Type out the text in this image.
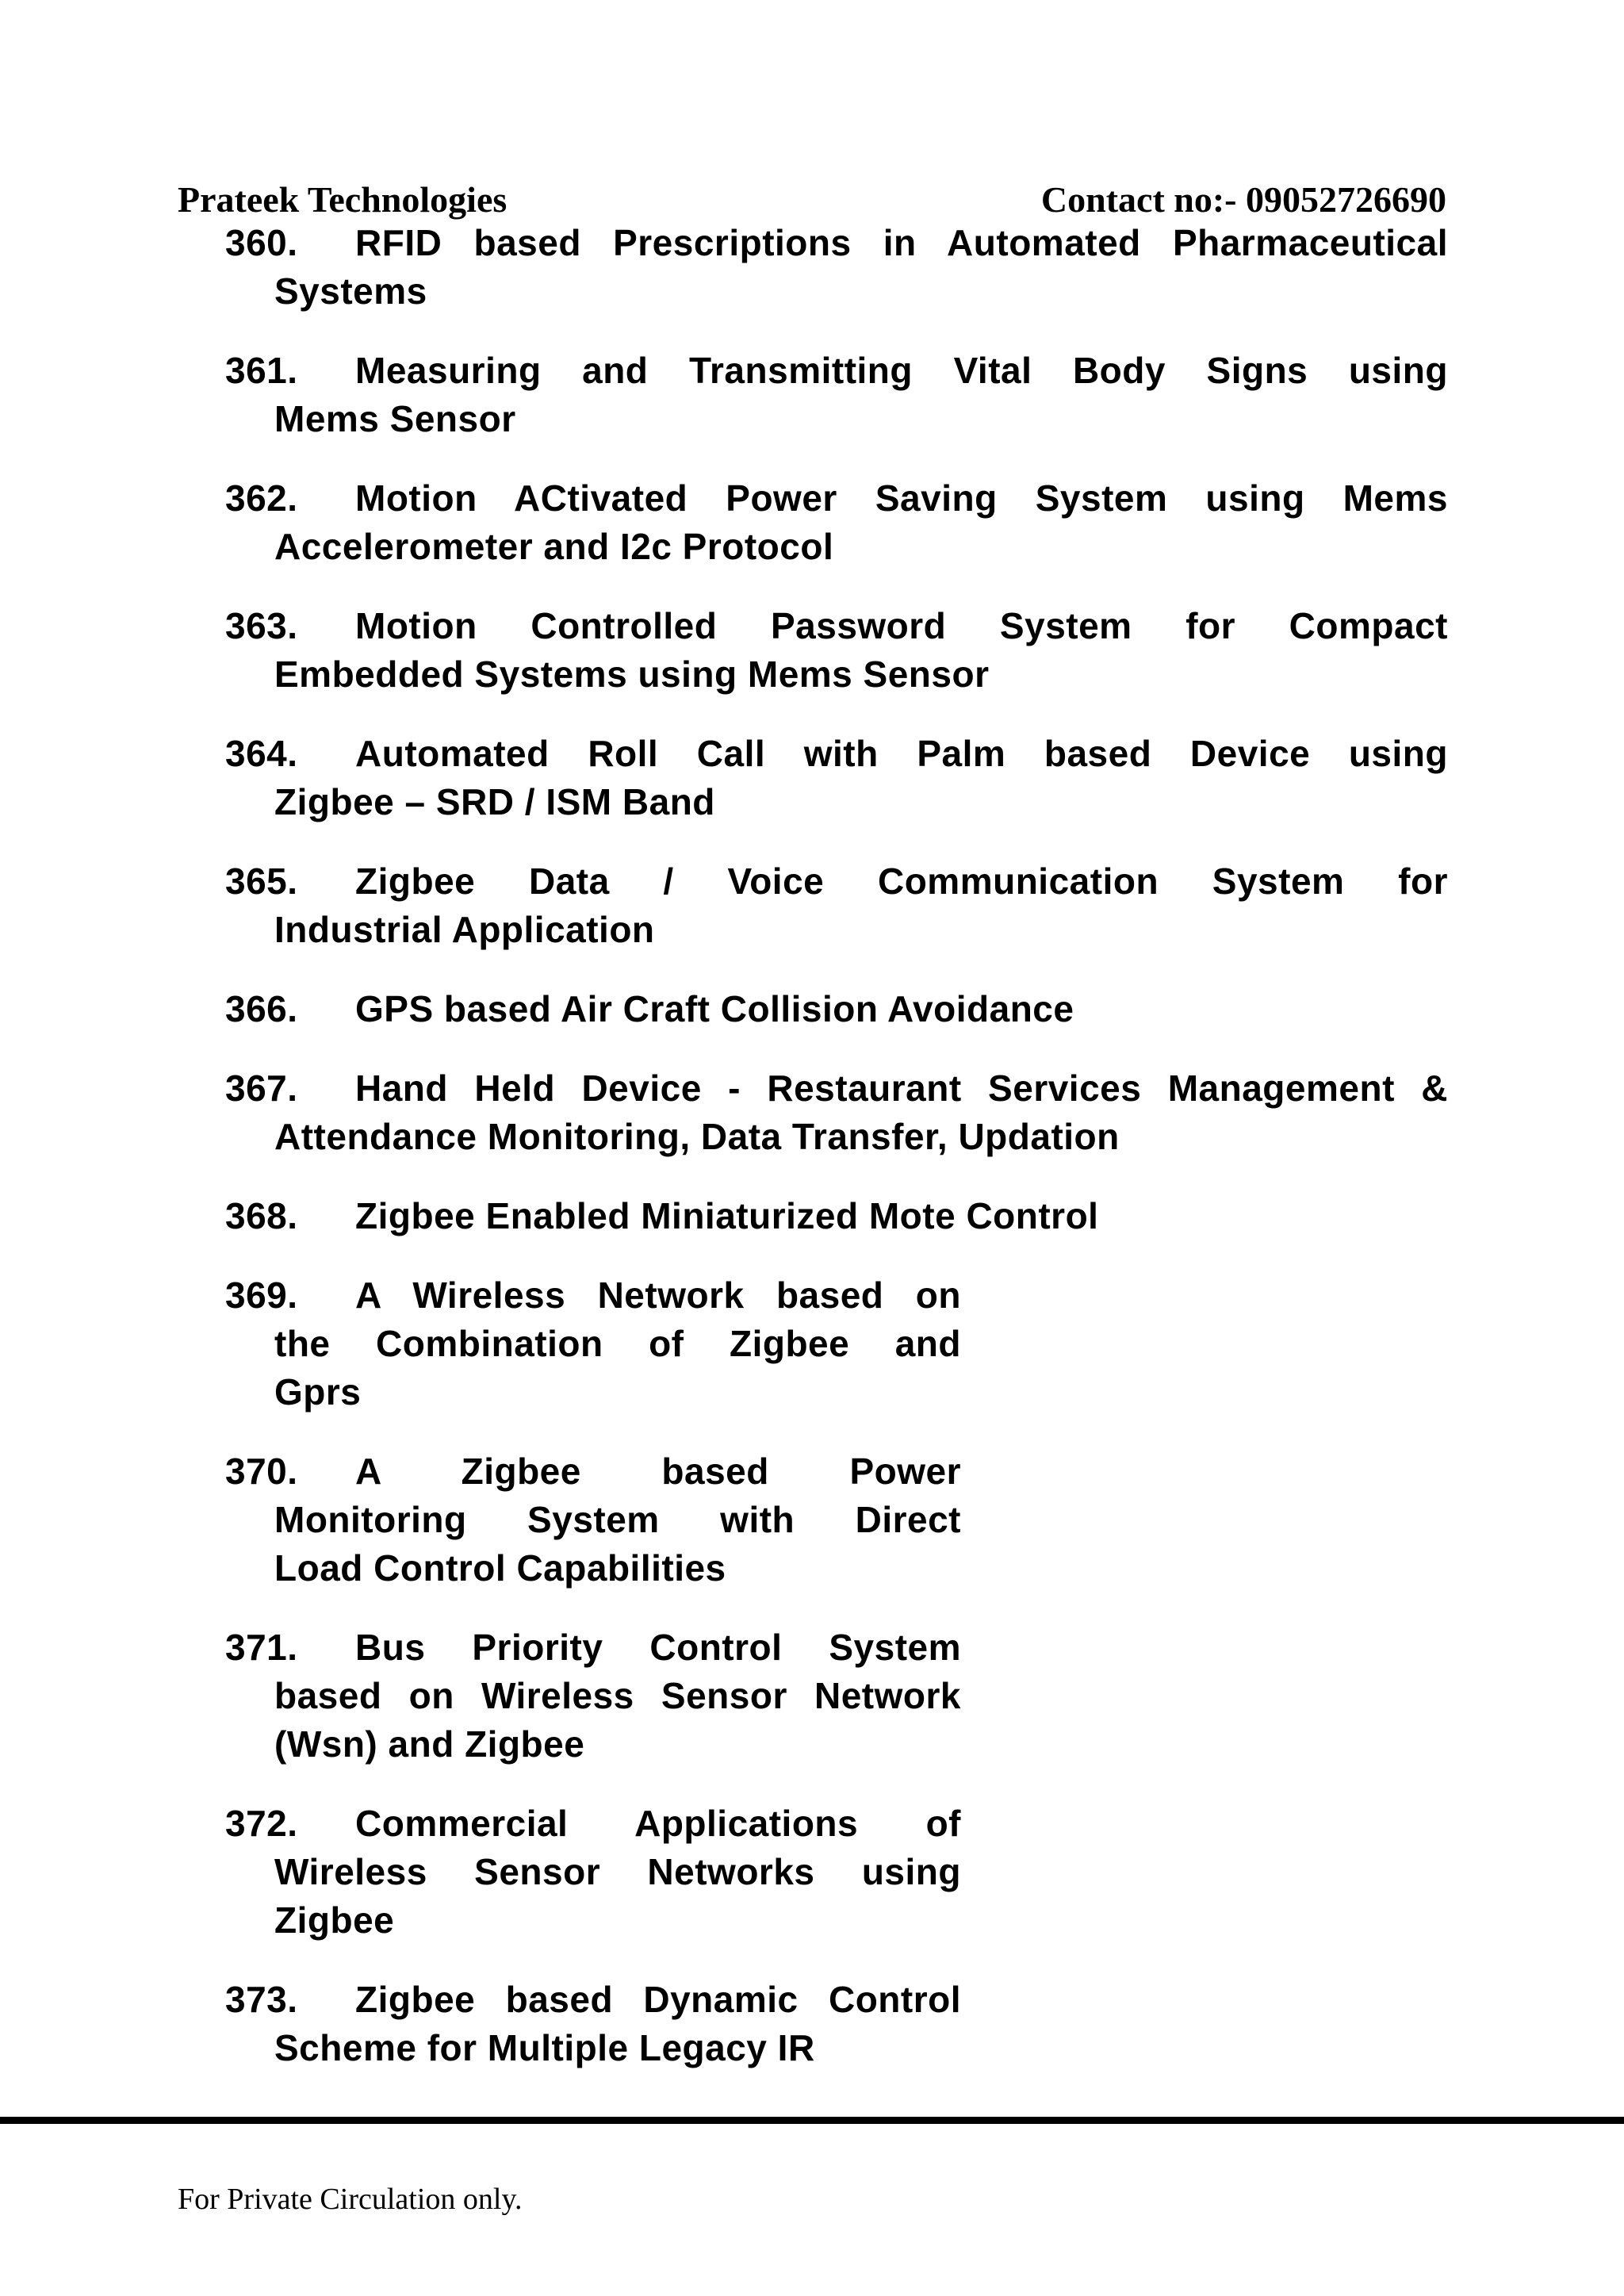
Prateek Technologies	Contact no:- 09052726690
360.	RFID based Prescriptions in Automated Pharmaceutical
Systems
361.	Measuring and Transmitting Vital Body Signs using
Mems Sensor
362.	Motion ACtivated Power Saving System using Mems
Accelerometer and I2c Protocol
363.	Motion Controlled Password System for Compact
Embedded Systems using Mems Sensor
364.	Automated Roll Call with Palm based Device using
Zigbee – SRD / ISM Band
365.	Zigbee Data / Voice Communication System for
Industrial Application
366.	GPS based Air Craft Collision Avoidance
367.	Hand Held Device - Restaurant Services Management &
Attendance Monitoring, Data Transfer, Updation
368.	Zigbee Enabled Miniaturized Mote Control
369.	A Wireless Network based on
the Combination of Zigbee and
Gprs
370.	A Zigbee based Power
Monitoring System with Direct
Load Control Capabilities
371.	Bus Priority Control System
based on Wireless Sensor Network
(Wsn) and Zigbee
372.	Commercial Applications of
Wireless Sensor Networks using
Zigbee
373.	Zigbee based Dynamic Control
Scheme for Multiple Legacy IR
For Private Circulation only.
